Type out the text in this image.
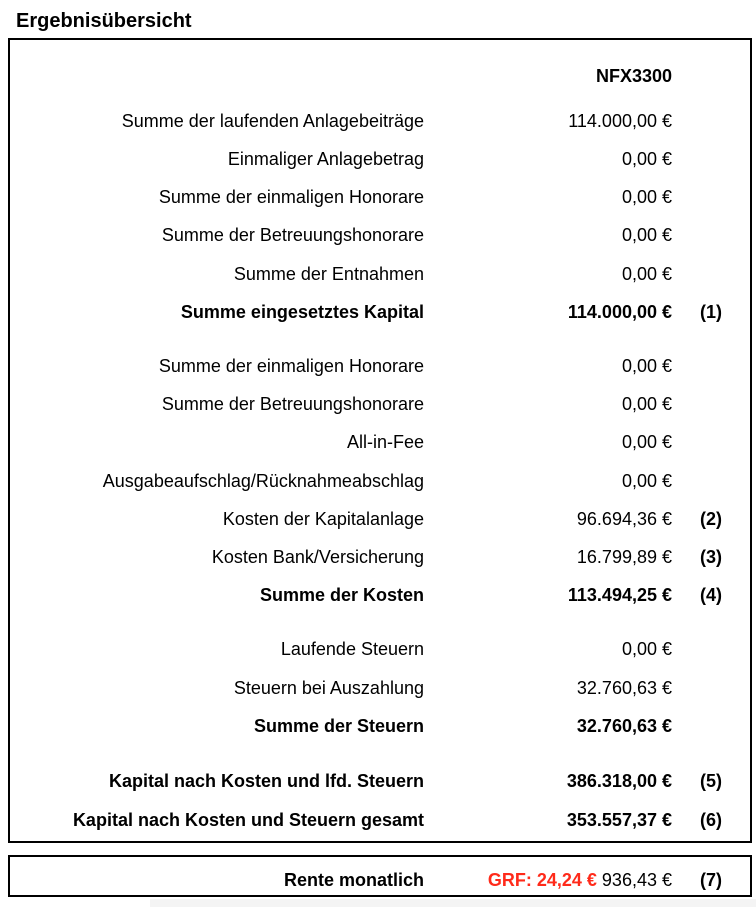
Ergebnisübersicht
NFX3300
Summe der laufenden Anlagebeiträge	114.000,00 €
Einmaliger Anlagebetrag	0,00 €
Summe der einmaligen Honorare	0,00 €
Summe der Betreuungshonorare	0,00 €
Summe der Entnahmen	0,00 €
Summe eingesetztes Kapital	114.000,00 € (1)
Summe der einmaligen Honorare	0,00 €
Summe der Betreuungshonorare	0,00 €
All-in-Fee	0,00 €
Ausgabeaufschlag/Rücknahmeabschlag	0,00 €
Kosten der Kapitalanlage	96.694,36 € (2)
Kosten Bank/Versicherung	16.799,89 € (3)
Summe der Kosten	113.494,25 € (4)
Laufende Steuern	0,00 €
Steuern bei Auszahlung	32.760,63 €
Summe der Steuern	32.760,63 €
Kapital nach Kosten und lfd. Steuern	386.318,00 € (5)
Kapital nach Kosten und Steuern gesamt	353.557,37 € (6)
Rente monatlich	GRF: 24,24 € 936,43 € (7)
